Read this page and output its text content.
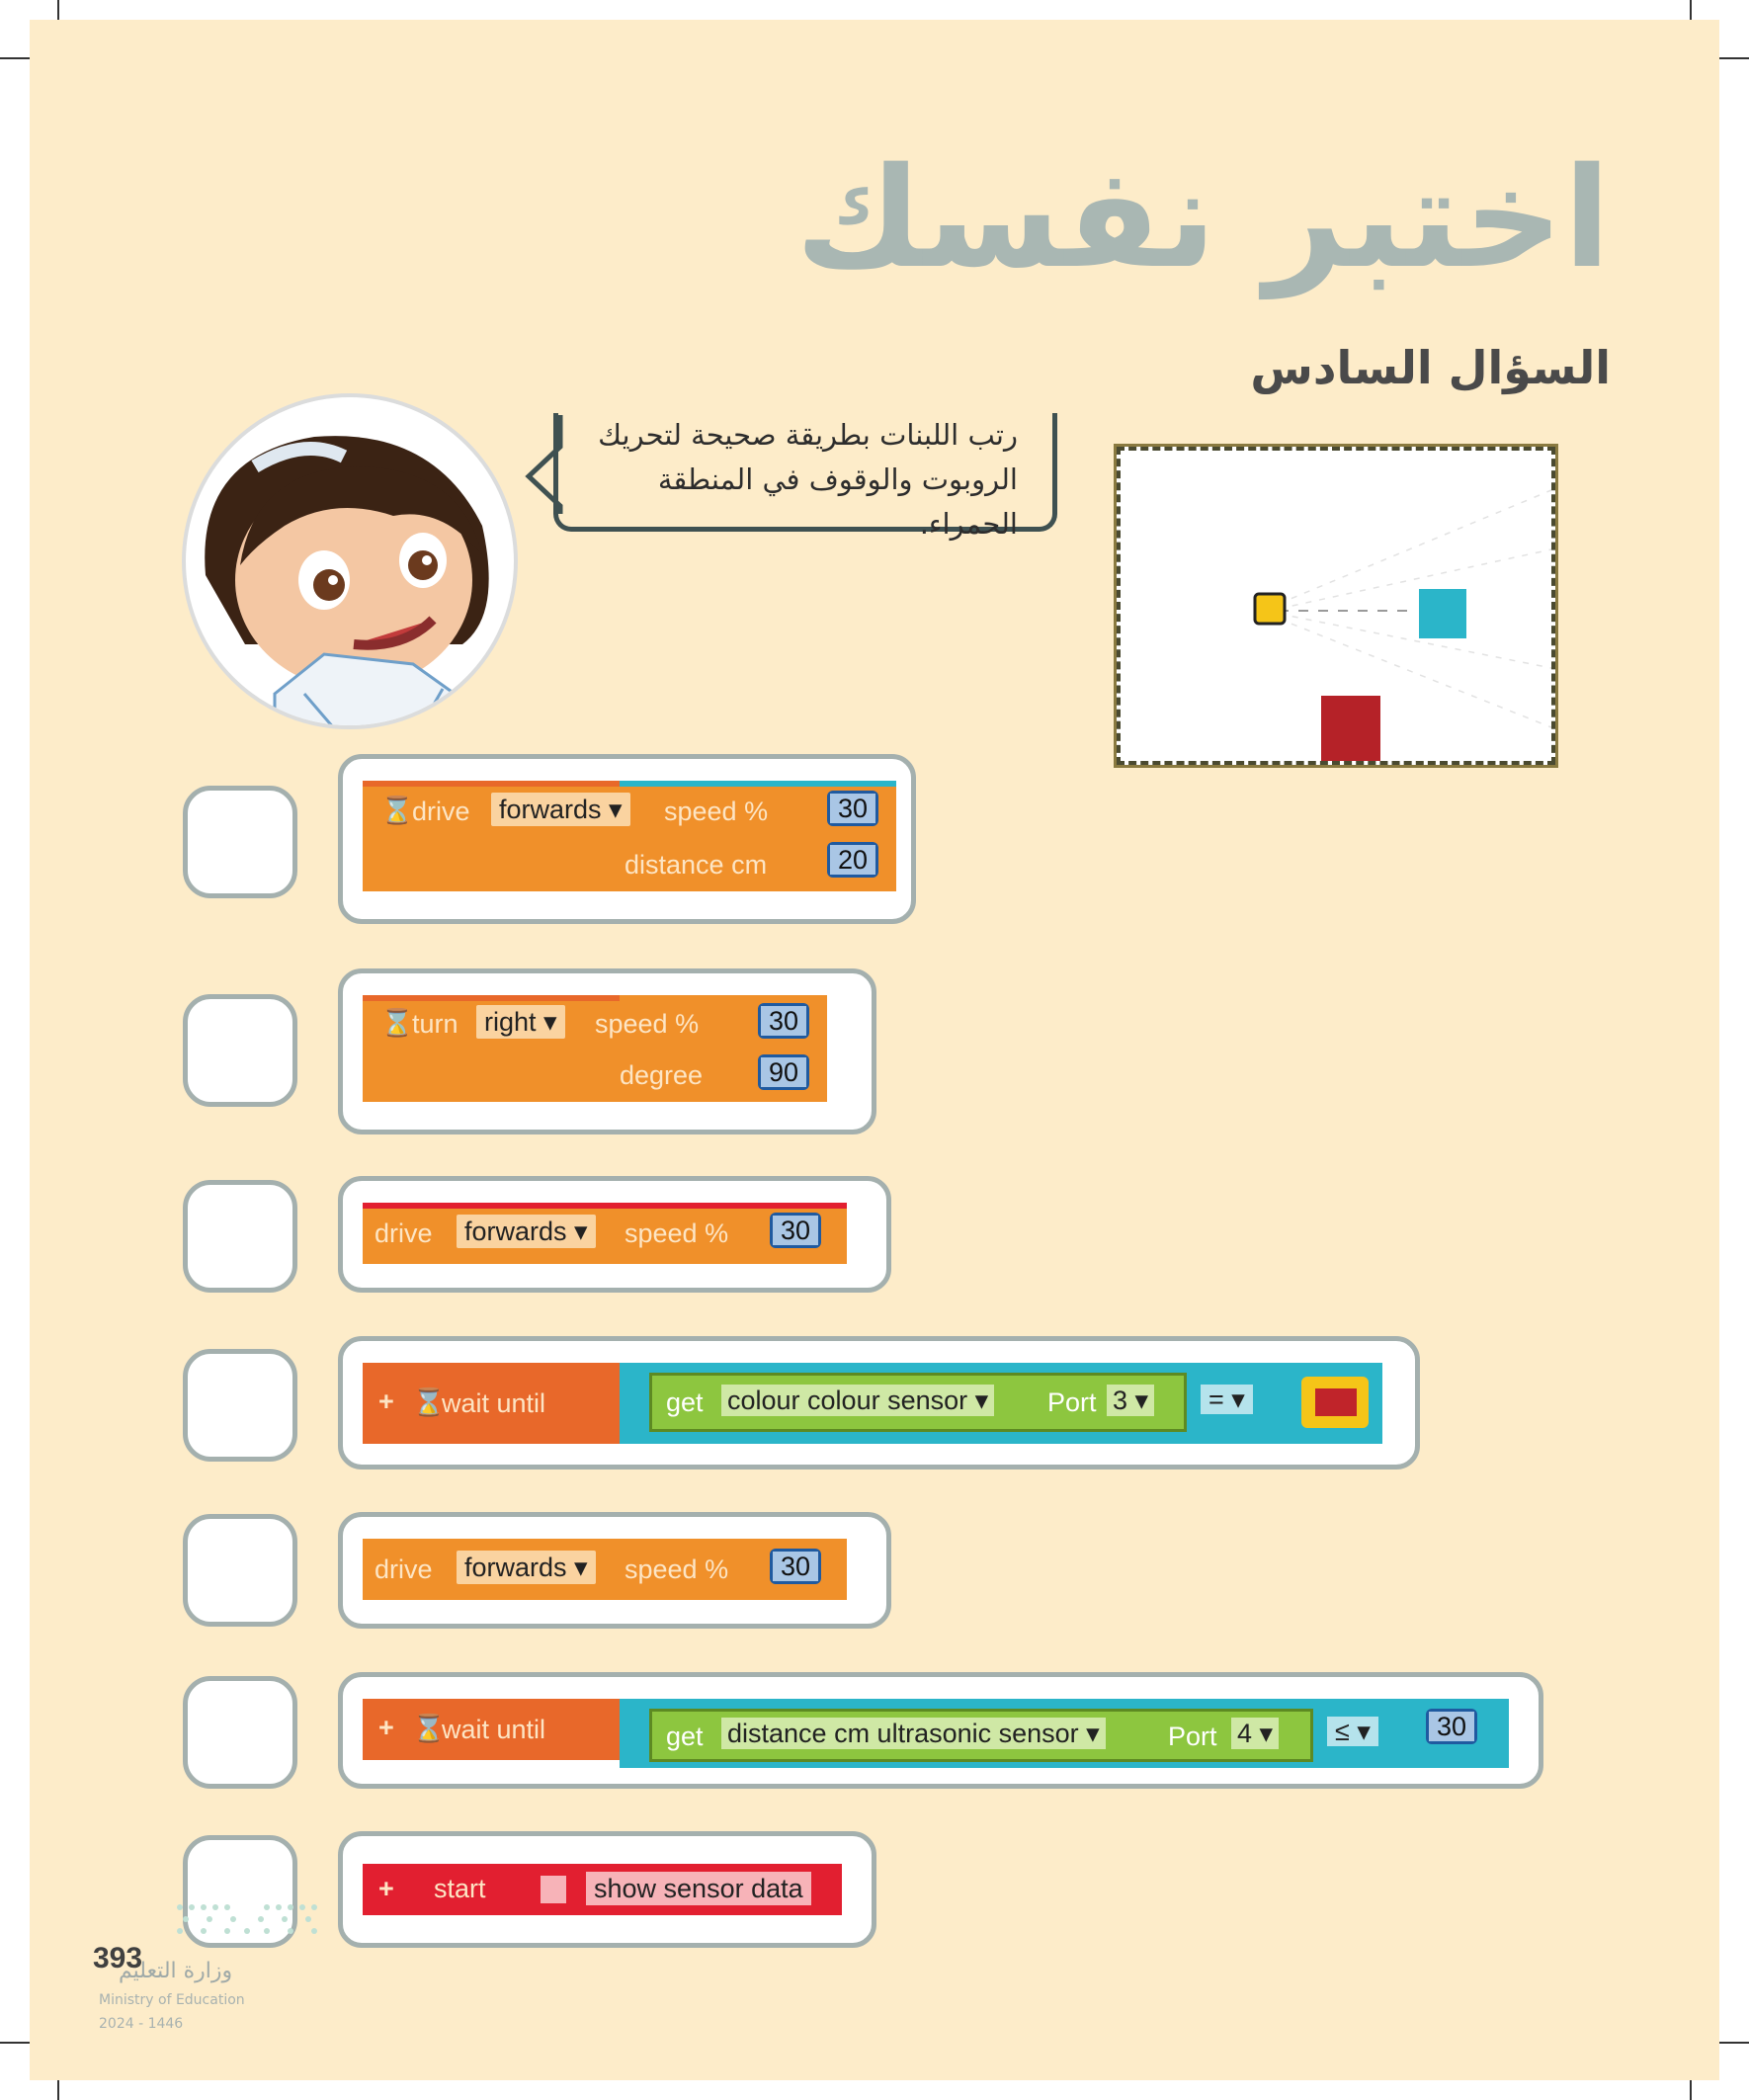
اختبر نفسك
السؤال السادس
رتب اللبنات بطريقة صحيحة لتحريك
الروبوت والوقوف في المنطقة الحمراء.
⌛
drive forwards ▾ speed %	30
distance cm	20
⌛
turn right ▾ speed %	30
degree 90
drive forwards ▾ speed % 30
+ ⌛
wait until	get colour colour sensor ▾ Port 3 ▾ = ▾
drive forwards ▾ speed % 30
+ ⌛
wait until	get distance cm ultrasonic sensor ▾	Port 4 ▾ ≤ ▾ 30
+ start	show sensor data
393
وزارة التعليم
Ministry of Education
2024 - 1446
